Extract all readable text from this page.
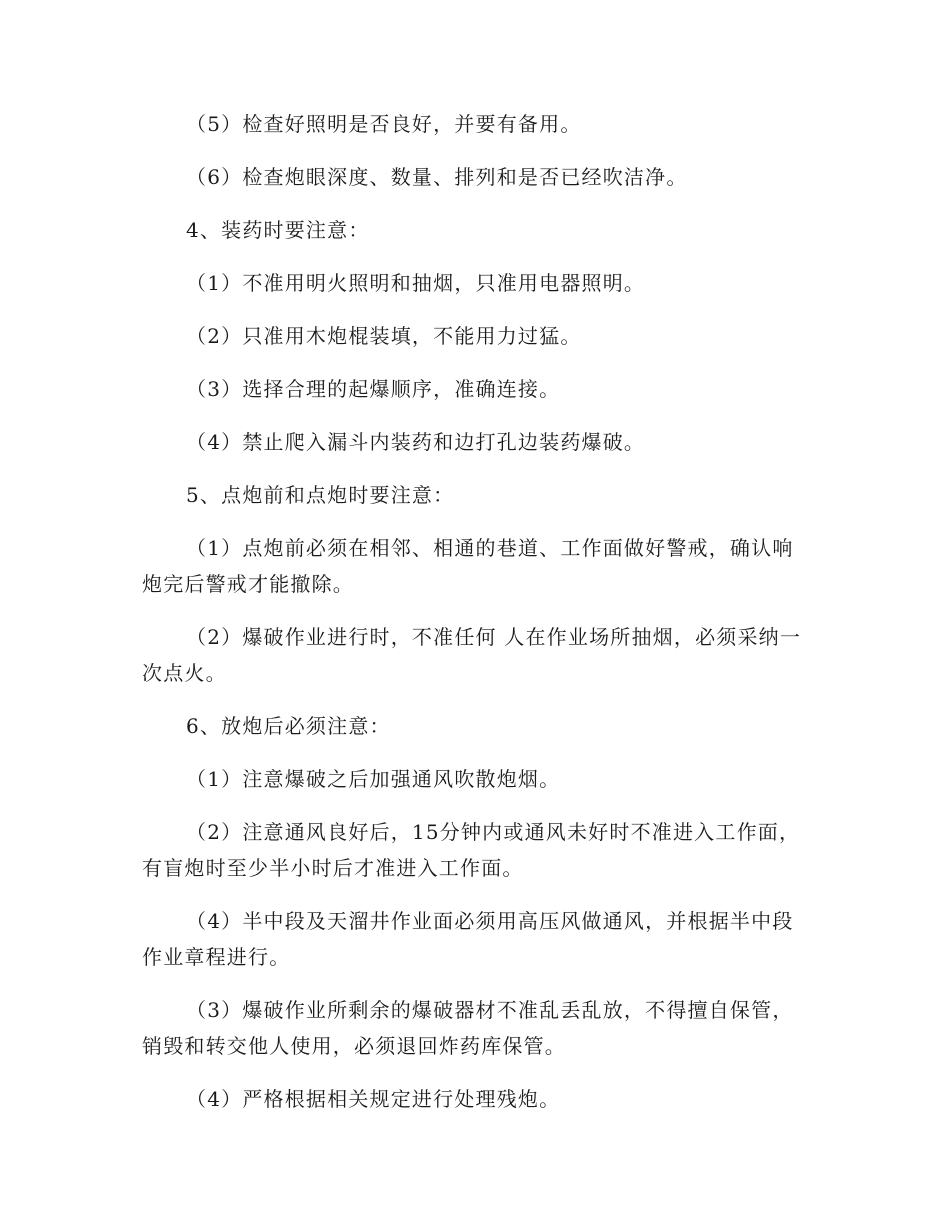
（5）检查好照明是否良好，并要有备用。

（6）检查炮眼深度、数量、排列和是否已经吹洁净。

4、装药时要注意：

（1）不准用明火照明和抽烟，只准用电器照明。

（2）只准用木炮棍装填，不能用力过猛。

（3）选择合理的起爆顺序，准确连接。

（4）禁止爬入漏斗内装药和边打孔边装药爆破。

5、点炮前和点炮时要注意：

（1）点炮前必须在相邻、相通的巷道、工作面做好警戒，确认响炮完后警戒才能撤除。

（2）爆破作业进行时，不准任何 人在作业场所抽烟，必须采纳一次点火。

6、放炮后必须注意：

（1）注意爆破之后加强通风吹散炮烟。

（2）注意通风良好后，15分钟内或通风未好时不准进入工作面，有盲炮时至少半小时后才准进入工作面。

（4）半中段及天溜井作业面必须用高压风做通风，并根据半中段作业章程进行。

（3）爆破作业所剩余的爆破器材不准乱丢乱放，不得擅自保管，销毁和转交他人使用，必须退回炸药库保管。

（4）严格根据相关规定进行处理残炮。
